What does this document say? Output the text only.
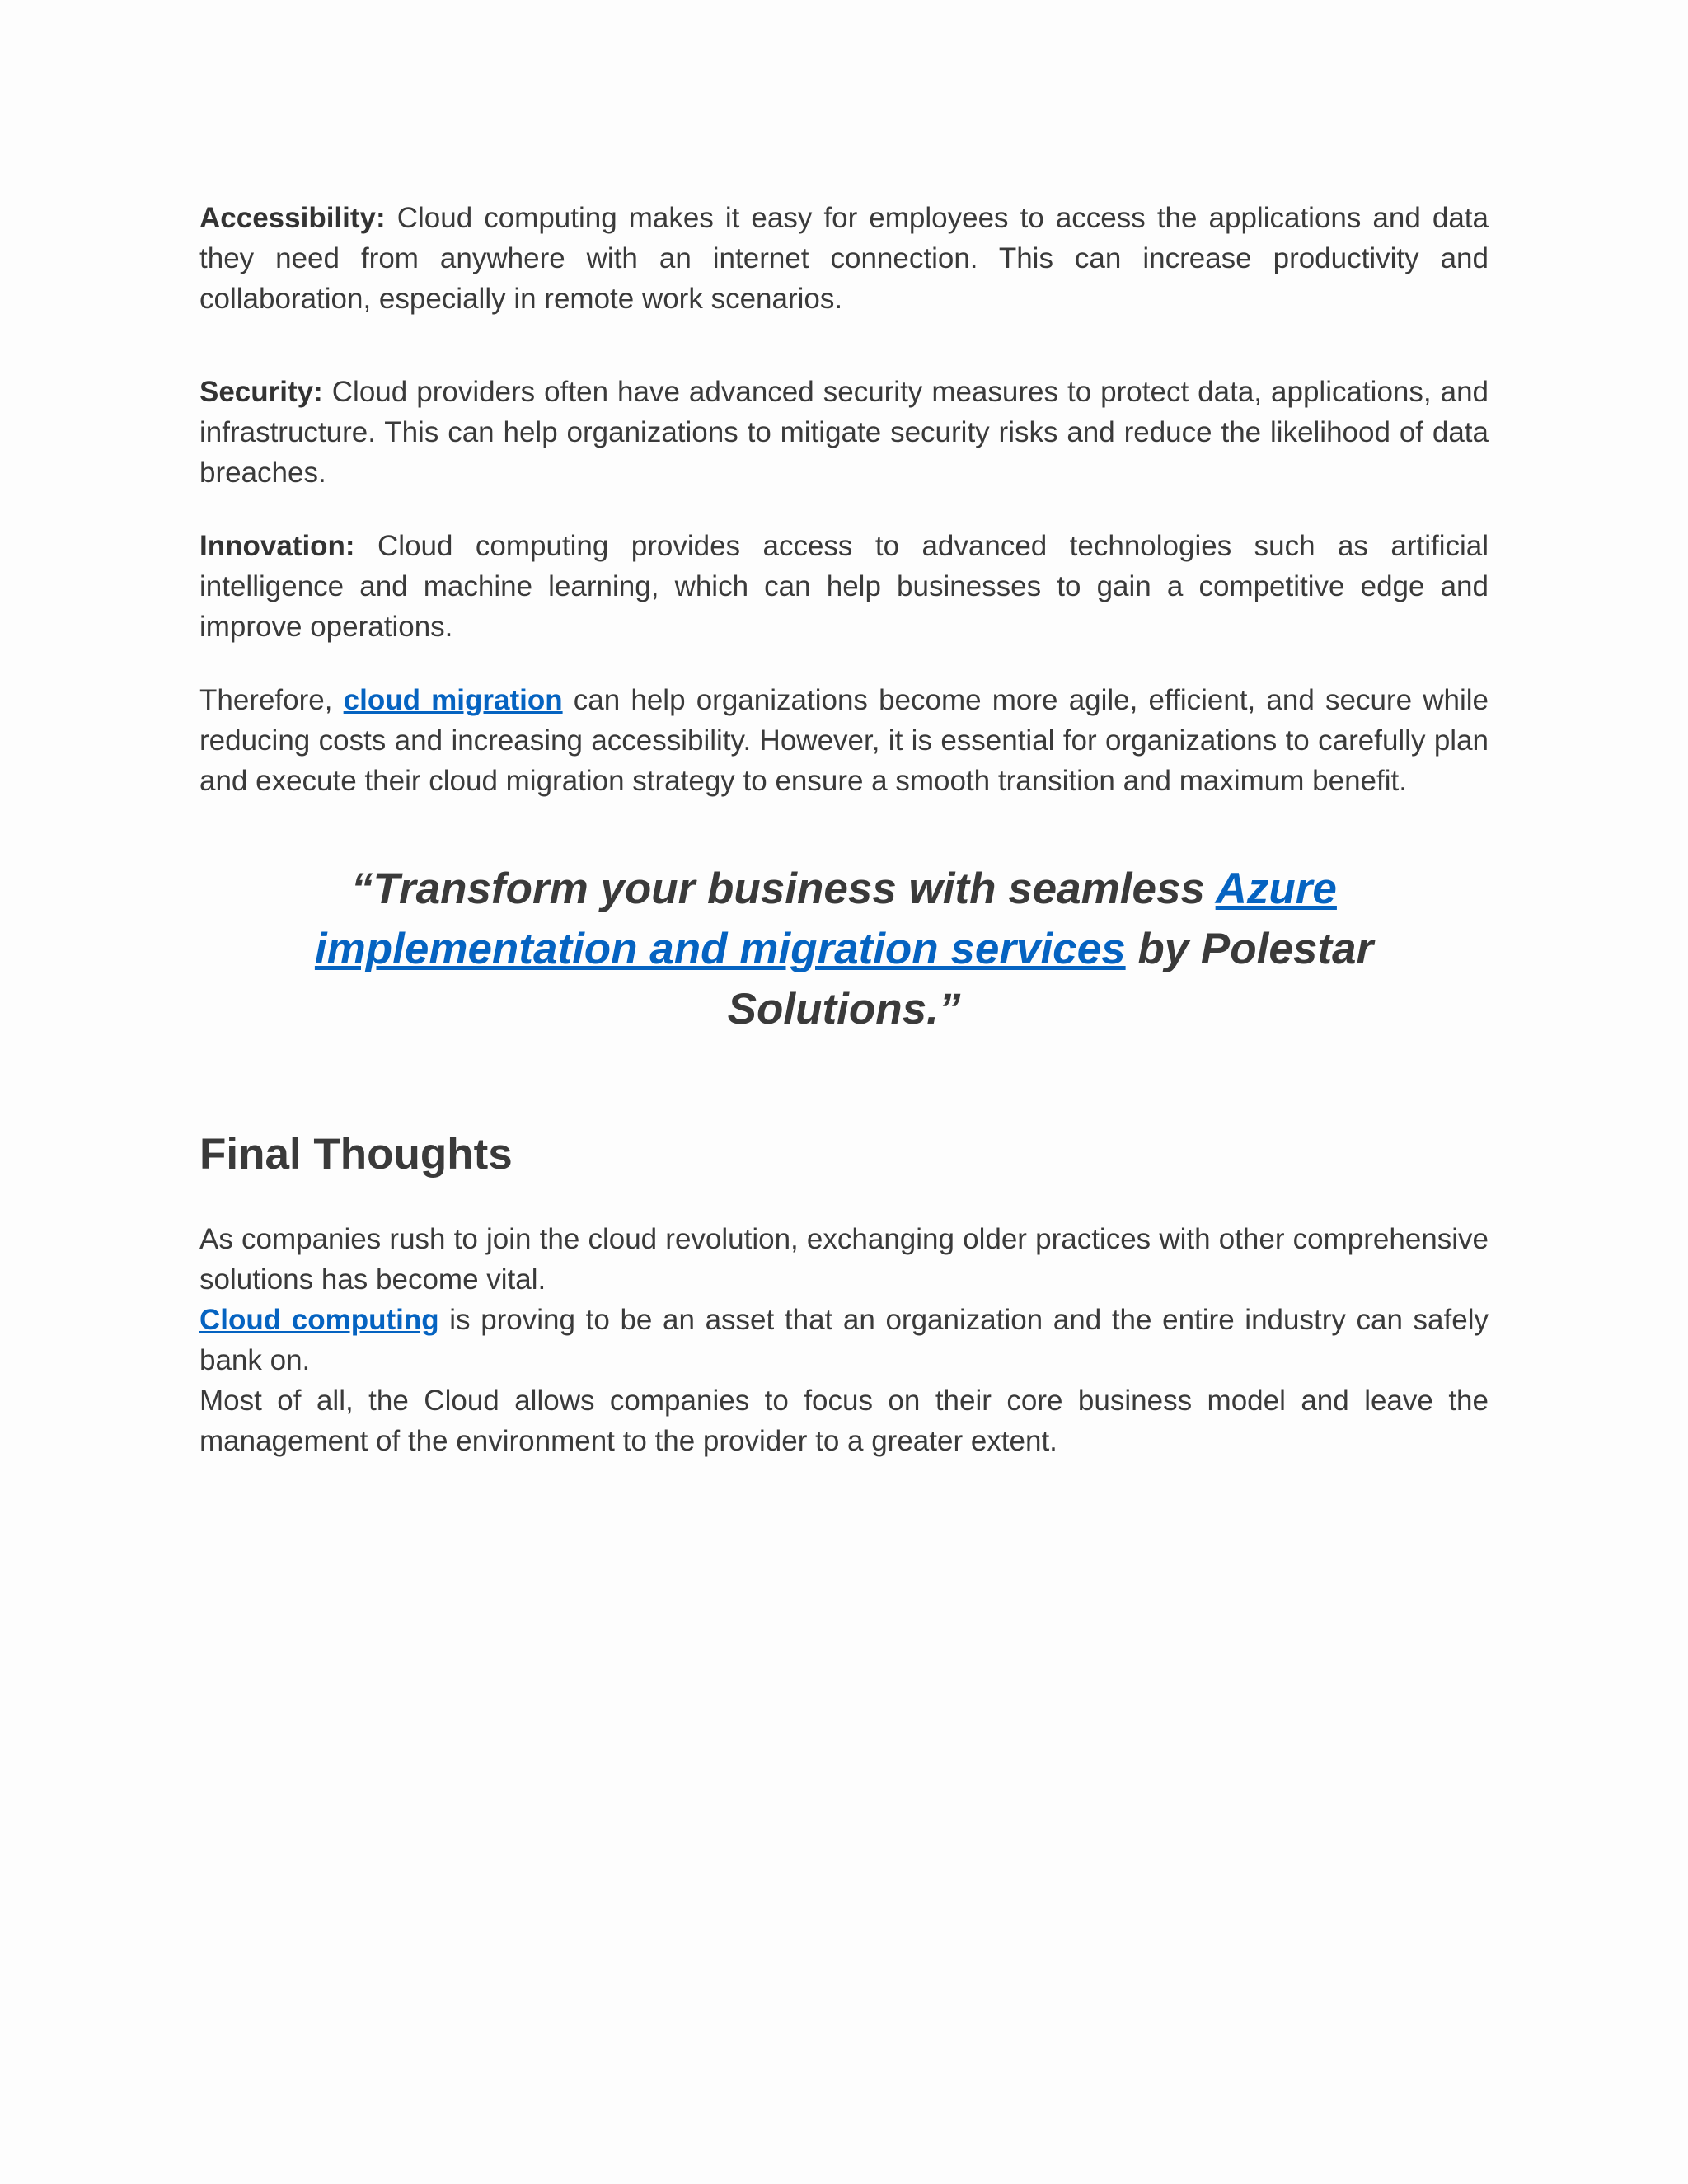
Accessibility: Cloud computing makes it easy for employees to access the applications and data they need from anywhere with an internet connection. This can increase productivity and collaboration, especially in remote work scenarios.

Security: Cloud providers often have advanced security measures to protect data, applications, and infrastructure. This can help organizations to mitigate security risks and reduce the likelihood of data breaches.

Innovation: Cloud computing provides access to advanced technologies such as artificial intelligence and machine learning, which can help businesses to gain a competitive edge and improve operations.

Therefore, cloud migration can help organizations become more agile, efficient, and secure while reducing costs and increasing accessibility. However, it is essential for organizations to carefully plan and execute their cloud migration strategy to ensure a smooth transition and maximum benefit.

“Transform your business with seamless Azure implementation and migration services by Polestar Solutions.”

Final Thoughts

As companies rush to join the cloud revolution, exchanging older practices with other comprehensive solutions has become vital.

Cloud computing is proving to be an asset that an organization and the entire industry can safely bank on.

Most of all, the Cloud allows companies to focus on their core business model and leave the management of the environment to the provider to a greater extent.
